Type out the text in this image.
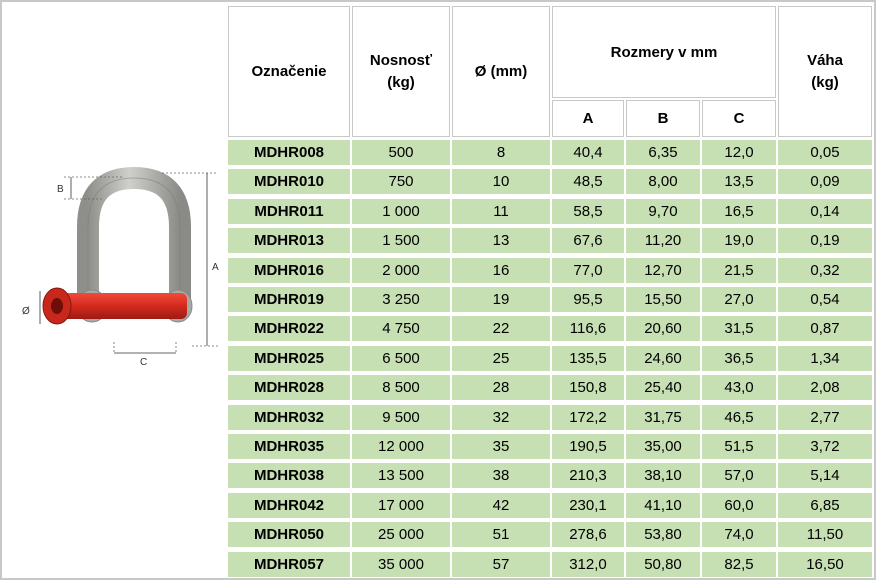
B
A
Ø
C
Označenie
Nosnosť
(kg)
Ø (mm)
Rozmery v mm
A	B	C
Váha
(kg)
MDHR008	500	8	40,4	6,35	12,0	0,05
MDHR010	750	10	48,5	8,00	13,5	0,09
MDHR011	1 000	11	58,5	9,70	16,5	0,14
MDHR013	1 500	13	67,6	11,20	19,0	0,19
MDHR016	2 000	16	77,0	12,70	21,5	0,32
MDHR019	3 250	19	95,5	15,50	27,0	0,54
MDHR022	4 750	22	116,6	20,60	31,5	0,87
MDHR025	6 500	25	135,5	24,60	36,5	1,34
MDHR028	8 500	28	150,8	25,40	43,0	2,08
MDHR032	9 500	32	172,2	31,75	46,5	2,77
MDHR035	12 000	35	190,5	35,00	51,5	3,72
MDHR038	13 500	38	210,3	38,10	57,0	5,14
MDHR042	17 000	42	230,1	41,10	60,0	6,85
MDHR050	25 000	51	278,6	53,80	74,0	11,50
MDHR057	35 000	57	312,0	50,80	82,5	16,50
